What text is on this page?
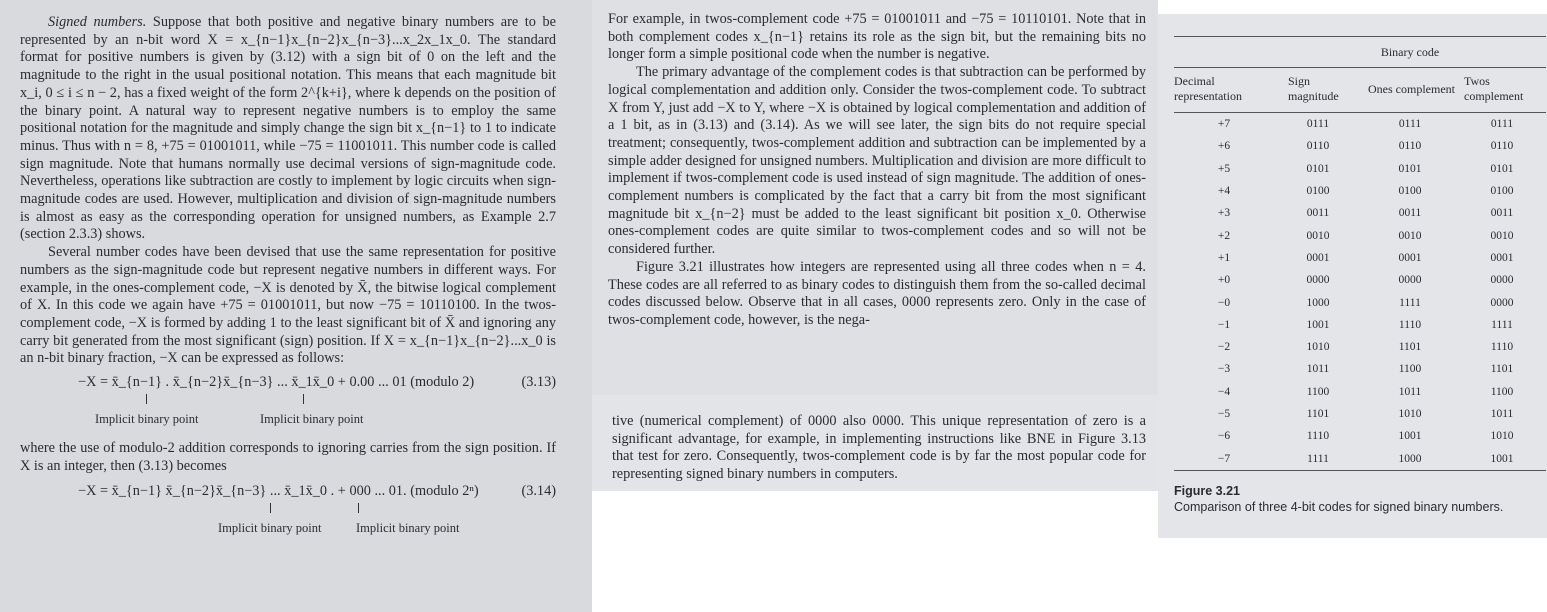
Signed numbers. Suppose that both positive and negative binary numbers are to be represented by an n-bit word X = x_{n−1}x_{n−2}x_{n−3}...x_2x_1x_0. The standard format for positive numbers is given by (3.12) with a sign bit of 0 on the left and the magnitude to the right in the usual positional notation. This means that each magnitude bit x_i, 0 ≤ i ≤ n − 2, has a fixed weight of the form 2^{k+i}, where k depends on the position of the binary point. A natural way to represent negative numbers is to employ the same positional notation for the magnitude and simply change the sign bit x_{n−1} to 1 to indicate minus. Thus with n = 8, +75 = 01001011, while −75 = 11001011. This number code is called sign magnitude. Note that humans normally use decimal versions of sign-magnitude code. Nevertheless, operations like subtraction are costly to implement by logic circuits when sign-magnitude codes are used. However, multiplication and division of sign-magnitude numbers is almost as easy as the corresponding operation for unsigned numbers, as Example 2.7 (section 2.3.3) shows.

Several number codes have been devised that use the same representation for positive numbers as the sign-magnitude code but represent negative numbers in different ways. For example, in the ones-complement code, −X is denoted by X̄, the bitwise logical complement of X. In this code we again have +75 = 01001011, but now −75 = 10110100. In the twos-complement code, −X is formed by adding 1 to the least significant bit of X̄ and ignoring any carry bit generated from the most significant (sign) position. If X = x_{n−1}x_{n−2}...x_0 is an n-bit binary fraction, −X can be expressed as follows:

−X = x̄_{n−1} . x̄_{n−2}x̄_{n−3} ... x̄_1x̄_0 + 0.00 ... 01 (modulo 2)	(3.13)
Implicit binary point	Implicit binary point

where the use of modulo-2 addition corresponds to ignoring carries from the sign position. If X is an integer, then (3.13) becomes

−X = x̄_{n−1} x̄_{n−2}x̄_{n−3} ... x̄_1x̄_0 . + 000 ... 01. (modulo 2ⁿ)	(3.14)
Implicit binary point	Implicit binary point

For example, in twos-complement code +75 = 01001011 and −75 = 10110101. Note that in both complement codes x_{n−1} retains its role as the sign bit, but the remaining bits no longer form a simple positional code when the number is negative.

The primary advantage of the complement codes is that subtraction can be performed by logical complementation and addition only. Consider the twos-complement code. To subtract X from Y, just add −X to Y, where −X is obtained by logical complementation and addition of a 1 bit, as in (3.13) and (3.14). As we will see later, the sign bits do not require special treatment; consequently, twos-complement addition and subtraction can be implemented by a simple adder designed for unsigned numbers. Multiplication and division are more difficult to implement if twos-complement code is used instead of sign magnitude. The addition of ones-complement numbers is complicated by the fact that a carry bit from the most significant magnitude bit x_{n−2} must be added to the least significant bit position x_0. Otherwise ones-complement codes are quite similar to twos-complement codes and so will not be considered further.

Figure 3.21 illustrates how integers are represented using all three codes when n = 4. These codes are all referred to as binary codes to distinguish them from the so-called decimal codes discussed below. Observe that in all cases, 0000 represents zero. Only in the case of twos-complement code, however, is the nega-

tive (numerical complement) of 0000 also 0000. This unique representation of zero is a significant advantage, for example, in implementing instructions like BNE in Figure 3.13 that test for zero. Consequently, twos-complement code is by far the most popular code for representing signed binary numbers in computers.

	Binary code		
Decimal representation	Sign magnitude	Ones complement	Twos complement
+7	0111	0111	0111
+6	0110	0110	0110
+5	0101	0101	0101
+4	0100	0100	0100
+3	0011	0011	0011
+2	0010	0010	0010
+1	0001	0001	0001
+0	0000	0000	0000
−0	1000	1111	0000
−1	1001	1110	1111
−2	1010	1101	1110
−3	1011	1100	1101
−4	1100	1011	1100
−5	1101	1010	1011
−6	1110	1001	1010
−7	1111	1000	1001
Figure 3.21
Comparison of three 4-bit codes for signed binary numbers.
